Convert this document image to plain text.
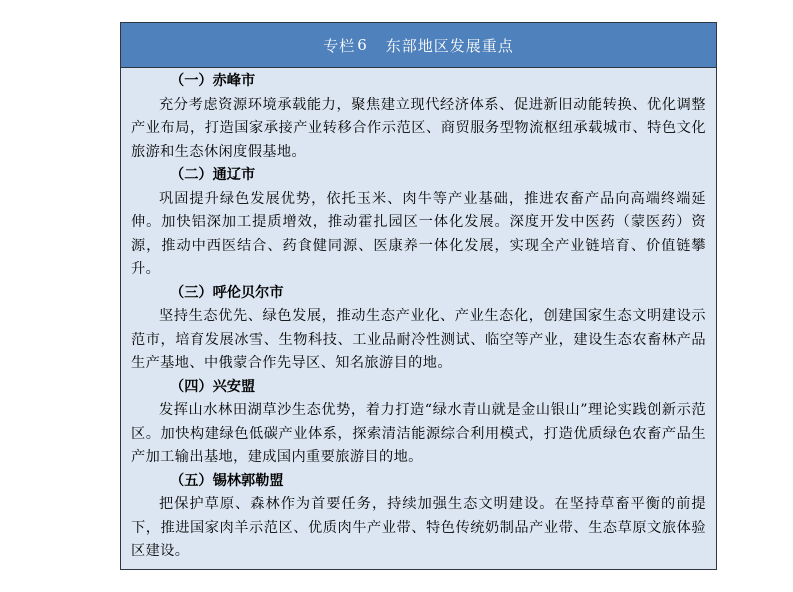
专栏 6 东部地区发展重点

（一）赤峰市

充分考虑资源环境承载能力，聚焦建立现代经济体系、促进新旧动能转换、优化调整产业布局，打造国家承接产业转移合作示范区、商贸服务型物流枢纽承载城市、特色文化旅游和生态休闲度假基地。

（二）通辽市

巩固提升绿色发展优势，依托玉米、肉牛等产业基础，推进农畜产品向高端终端延伸。加快铝深加工提质增效，推动霍扎园区一体化发展。深度开发中医药（蒙医药）资源，推动中西医结合、药食健同源、医康养一体化发展，实现全产业链培育、价值链攀升。

（三）呼伦贝尔市

坚持生态优先、绿色发展，推动生态产业化、产业生态化，创建国家生态文明建设示范市，培育发展冰雪、生物科技、工业品耐冷性测试、临空等产业，建设生态农畜林产品生产基地、中俄蒙合作先导区、知名旅游目的地。

（四）兴安盟

发挥山水林田湖草沙生态优势，着力打造“绿水青山就是金山银山”理论实践创新示范区。加快构建绿色低碳产业体系，探索清洁能源综合利用模式，打造优质绿色农畜产品生产加工输出基地，建成国内重要旅游目的地。

（五）锡林郭勒盟

把保护草原、森林作为首要任务，持续加强生态文明建设。在坚持草畜平衡的前提下，推进国家肉羊示范区、优质肉牛产业带、特色传统奶制品产业带、生态草原文旅体验区建设。
